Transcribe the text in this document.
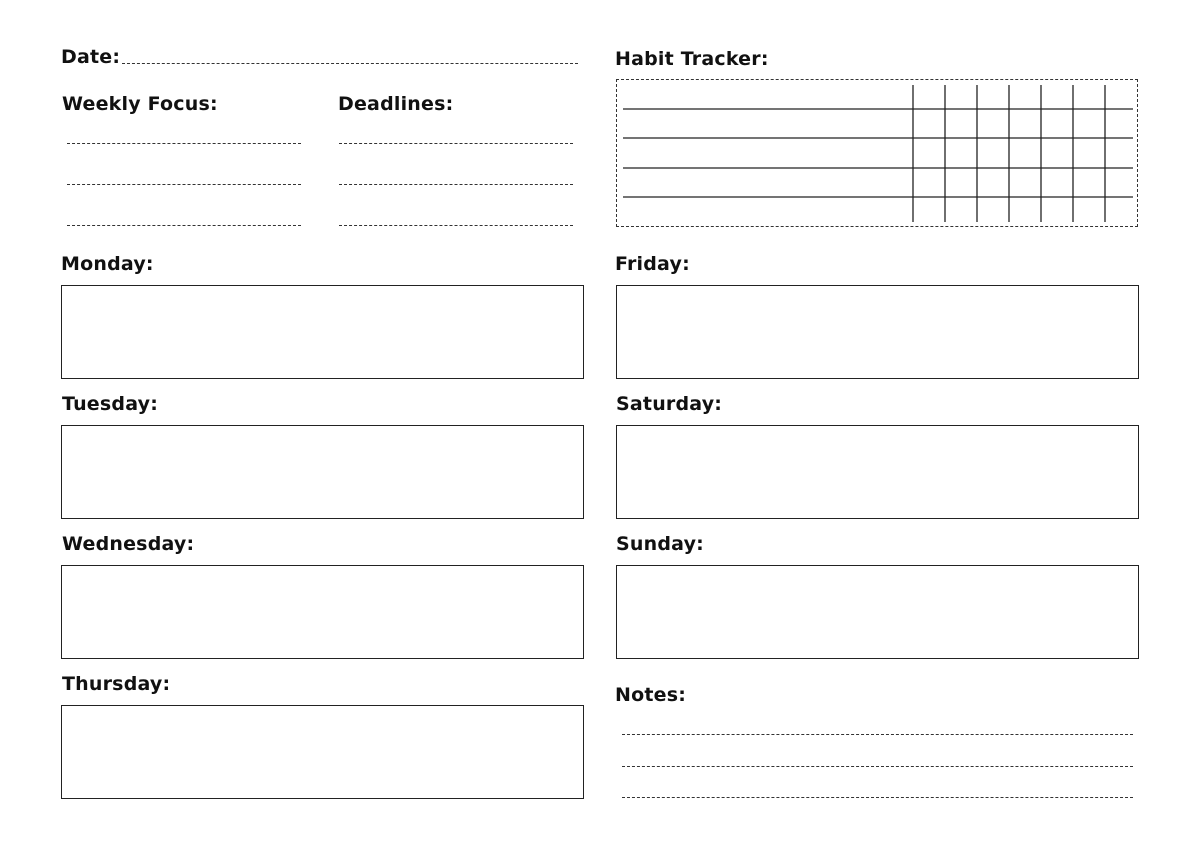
Date:	Habit Tracker:
Weekly Focus:	Deadlines:
Monday:
Tuesday:
Wednesday:
Thursday:
Friday:
Saturday:
Sunday:
Notes:
